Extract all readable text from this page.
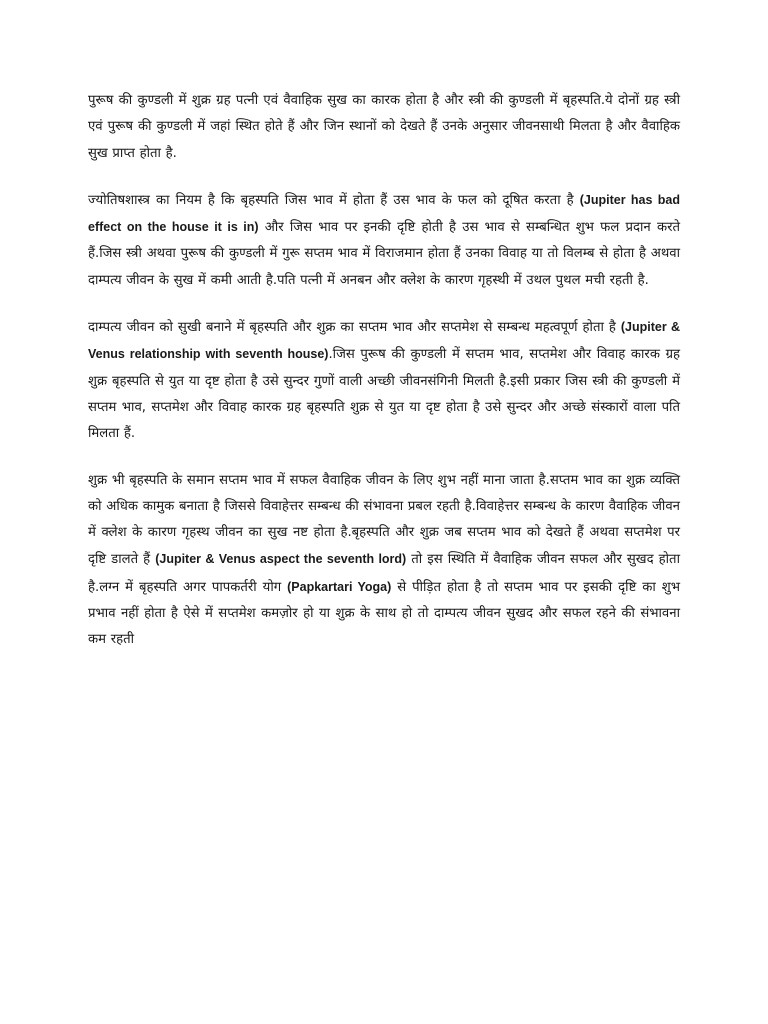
पुरूष की कुण्डली में शुक्र ग्रह पत्नी एवं वैवाहिक सुख का कारक होता है और स्त्री की कुण्डली में बृहस्पति.ये दोनों ग्रह स्त्री एवं पुरूष की कुण्डली में जहां स्थित होते हैं और जिन स्थानों को देखते हैं उनके अनुसार जीवनसाथी मिलता है और वैवाहिक सुख प्राप्त होता है.

ज्योतिषशास्त्र का नियम है कि बृहस्पति जिस भाव में होता हैं उस भाव के फल को दूषित करता है (Jupiter has bad effect on the house it is in) और जिस भाव पर इनकी दृष्टि होती है उस भाव से सम्बन्धित शुभ फल प्रदान करते हैं.जिस स्त्री अथवा पुरूष की कुण्डली में गुरू सप्तम भाव में विराजमान होता हैं उनका विवाह या तो विलम्ब से होता है अथवा दाम्पत्य जीवन के सुख में कमी आती है.पति पत्नी में अनबन और क्लेश के कारण गृहस्थी में उथल पुथल मची रहती है.

दाम्पत्य जीवन को सुखी बनाने में बृहस्पति और शुक्र का सप्तम भाव और सप्तमेश से सम्बन्ध महत्वपूर्ण होता है (Jupiter & Venus relationship with seventh house).जिस पुरूष की कुण्डली में सप्तम भाव, सप्तमेश और विवाह कारक ग्रह शुक्र बृहस्पति से युत या दृष्ट होता है उसे सुन्दर गुणों वाली अच्छी जीवनसंगिनी मिलती है.इसी प्रकार जिस स्त्री की कुण्डली में सप्तम भाव, सप्तमेश और विवाह कारक ग्रह बृहस्पति शुक्र से युत या दृष्ट होता है उसे सुन्दर और अच्छे संस्कारों वाला पति मिलता हैं.

शुक्र भी बृहस्पति के समान सप्तम भाव में सफल वैवाहिक जीवन के लिए शुभ नहीं माना जाता है.सप्तम भाव का शुक्र व्यक्ति को अधिक कामुक बनाता है जिससे विवाहेत्तर सम्बन्ध की संभावना प्रबल रहती है.विवाहेत्तर सम्बन्ध के कारण वैवाहिक जीवन में क्लेश के कारण गृहस्थ जीवन का सुख नष्ट होता है.बृहस्पति और शुक्र जब सप्तम भाव को देखते हैं अथवा सप्तमेश पर दृष्टि डालते हैं (Jupiter & Venus aspect the seventh lord) तो इस स्थिति में वैवाहिक जीवन सफल और सुखद होता है.लग्न में बृहस्पति अगर पापकर्तरी योग (Papkartari Yoga) से पीड़ित होता है तो सप्तम भाव पर इसकी दृष्टि का शुभ प्रभाव नहीं होता है ऐसे में सप्तमेश कमज़ोर हो या शुक्र के साथ हो तो दाम्पत्य जीवन सुखद और सफल रहने की संभावना कम रहती
